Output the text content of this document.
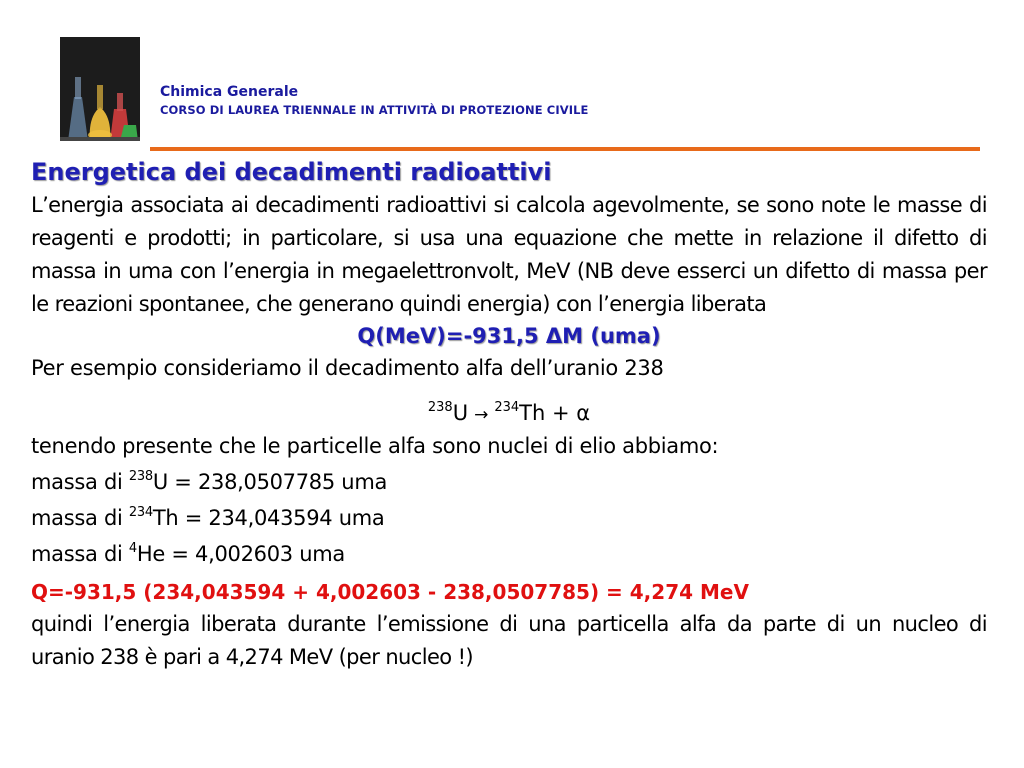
Chimica Generale
CORSO DI LAUREA TRIENNALE IN ATTIVITÀ DI PROTEZIONE CIVILE
Energetica dei decadimenti radioattivi

L’energia associata ai decadimenti radioattivi si calcola agevolmente, se sono note le masse di reagenti e prodotti; in particolare, si usa una equazione che mette in relazione il difetto di massa in uma con l’energia in megaelettronvolt, MeV (NB deve esserci un difetto di massa per le reazioni spontanee, che generano quindi energia) con l’energia liberata

Q(MeV)=-931,5 ΔM (uma)

Per esempio consideriamo il decadimento alfa dell’uranio 238

$^{238}$U → $^{234}$Th + α

tenendo presente che le particelle alfa sono nuclei di elio abbiamo:

massa di $^{238}$U = 238,0507785 uma
massa di $^{234}$Th = 234,043594 uma
massa di $^4$He = 4,002603 uma
Q=-931,5 (234,043594 + 4,002603 - 238,0507785) = 4,274 MeV

quindi l’energia liberata durante l’emissione di una particella alfa da parte di un nucleo di uranio 238 è pari a 4,274 MeV (per nucleo !)
